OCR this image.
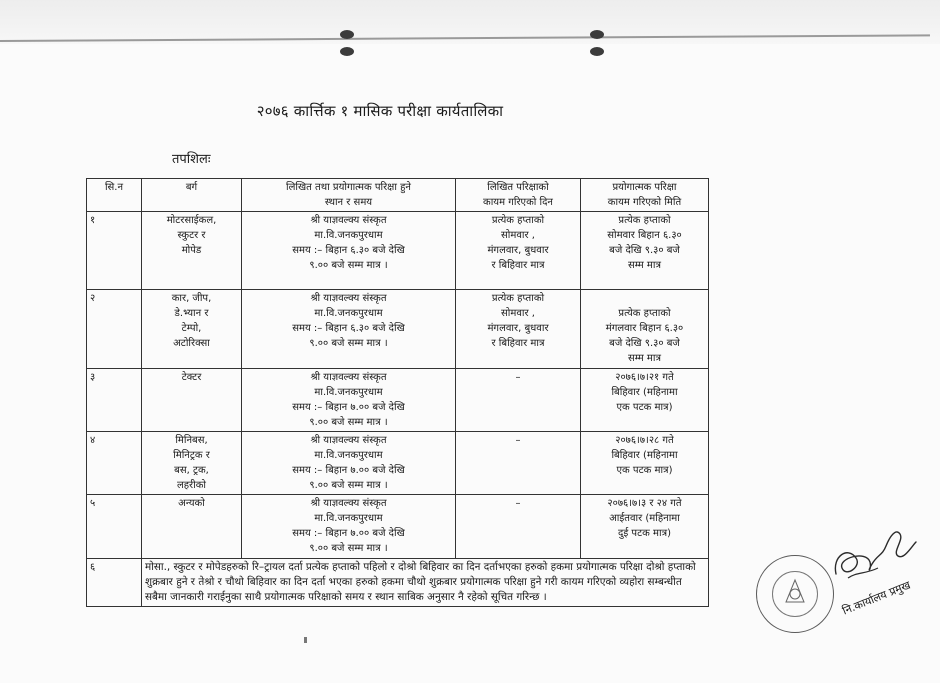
२०७६ कार्त्तिक १ मासिक परीक्षा कार्यतालिका
तपशिलः
सि.न	बर्ग	लिखित तथा प्रयोगात्मक परिक्षा हुने
स्थान र समय	लिखित परिक्षाको
कायम गरिएको दिन	प्रयोगात्मक परिक्षा
कायम गरिएको मिति
१	मोटरसाईकल,
स्कुटर र
मोपेड	श्री याज्ञवल्क्य संस्कृत
मा.वि.जनकपुरधाम
समय :– बिहान ६.३० बजे देखि
९.०० बजे सम्म मात्र ।	प्रत्येक हप्ताको
सोमवार ,
मंगलवार, बुधवार
र बिहिवार मात्र	प्रत्येक हप्ताको
सोमवार बिहान ६.३०
बजे देखि ९.३० बजे
सम्म मात्र
२	कार, जीप,
डे.भ्यान र
टेम्पो,
अटोरिक्सा	श्री याज्ञवल्क्य संस्कृत
मा.वि.जनकपुरधाम
समय :– बिहान ६.३० बजे देखि
९.०० बजे सम्म मात्र ।	प्रत्येक हप्ताको
सोमवार ,
मंगलवार, बुधवार
र बिहिवार मात्र	
प्रत्येक हप्ताको
मंगलवार बिहान ६.३०
बजे देखि ९.३० बजे
सम्म मात्र
३	टेक्टर	श्री याज्ञवल्क्य संस्कृत
मा.वि.जनकपुरधाम
समय :– बिहान ७.०० बजे देखि
९.०० बजे सम्म मात्र ।	–	२०७६।७।२१ गते
बिहिवार (महिनामा
एक पटक मात्र)
४	मिनिबस,
मिनिट्रक र
बस, ट्रक,
लहरीको	श्री याज्ञवल्क्य संस्कृत
मा.वि.जनकपुरधाम
समय :– बिहान ७.०० बजे देखि
९.०० बजे सम्म मात्र ।	–	२०७६।७।२८ गते
बिहिवार (महिनामा
एक पटक मात्र)
५	अन्यको	श्री याज्ञवल्क्य संस्कृत
मा.वि.जनकपुरधाम
समय :– बिहान ७.०० बजे देखि
९.०० बजे सम्म मात्र ।	–	२०७६।७।३ र २४ गते
आईतवार (महिनामा
दुई पटक मात्र)
६	मोसा., स्कुटर र मोपेडहरुको रि–ट्रायल दर्ता प्रत्येक हप्ताको पहिलो र दोश्रो बिहिवार का दिन दर्ताभएका हरुको हकमा प्रयोगात्मक परिक्षा दोश्रो हप्ताको शुक्रबार हुने र तेश्रो र चौथो बिहिवार का दिन दर्ता भएका हरुको हकमा चौथो शुक्रबार प्रयोगात्मक परिक्षा हुने गरी कायम गरिएको व्यहोरा सम्बन्धीत सबैमा जानकारी गराईनुका साथै प्रयोगात्मक परिक्षाको समय र स्थान साबिक अनुसार नै रहेको सूचित गरिन्छ ।				नि.कार्यालय प्रमुख
